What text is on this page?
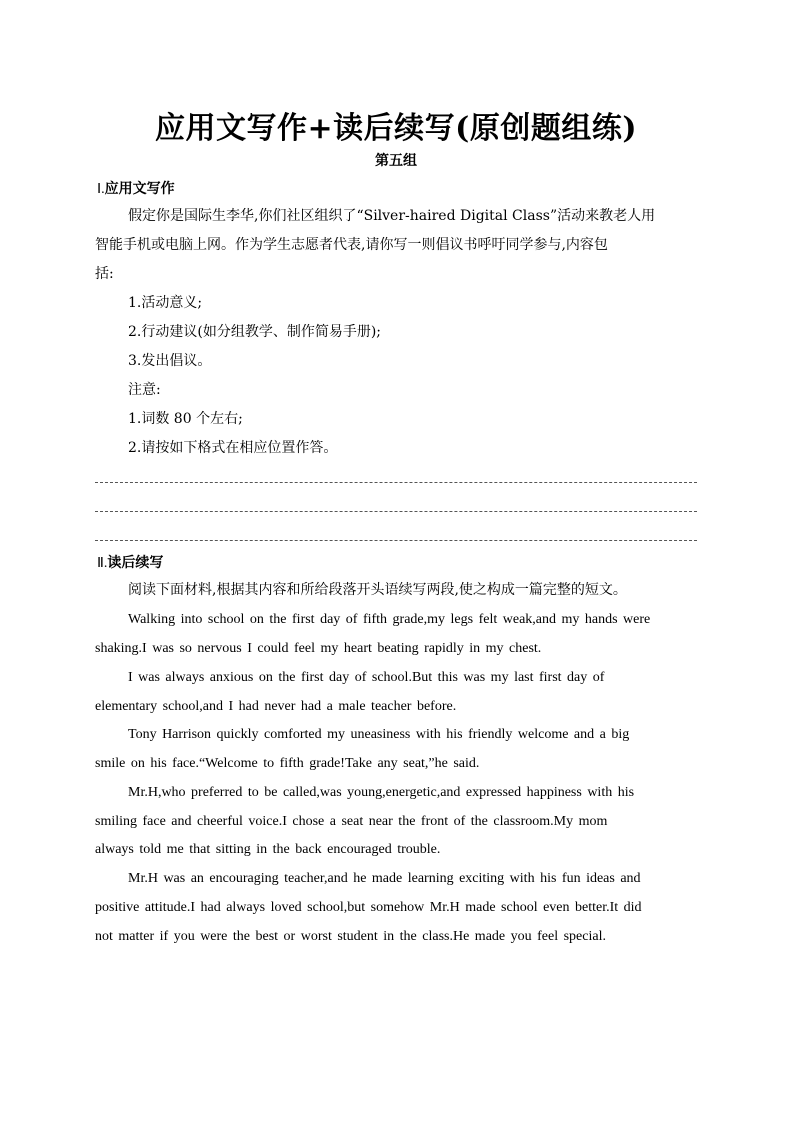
应用文写作+读后续写(原创题组练)
第五组
Ⅰ.应用文写作
假定你是国际生李华,你们社区组织了“Silver-haired Digital Class”活动来教老人用
智能手机或电脑上网。作为学生志愿者代表,请你写一则倡议书呼吁同学参与,内容包
括:
1.活动意义;
2.行动建议(如分组教学、制作简易手册);
3.发出倡议。
注意:
1.词数 80 个左右;
2.请按如下格式在相应位置作答。
Ⅱ.读后续写
阅读下面材料,根据其内容和所给段落开头语续写两段,使之构成一篇完整的短文。
Walking into school on the first day of fifth grade,my legs felt weak,and my hands were
shaking.I was so nervous I could feel my heart beating rapidly in my chest.
I was always anxious on the first day of school.But this was my last first day of
elementary school,and I had never had a male teacher before.
Tony Harrison quickly comforted my uneasiness with his friendly welcome and a big
smile on his face.“Welcome to fifth grade!Take any seat,”he said.
Mr.H,who preferred to be called,was young,energetic,and expressed happiness with his
smiling face and cheerful voice.I chose a seat near the front of the classroom.My mom
always told me that sitting in the back encouraged trouble.
Mr.H was an encouraging teacher,and he made learning exciting with his fun ideas and
positive attitude.I had always loved school,but somehow Mr.H made school even better.It did
not matter if you were the best or worst student in the class.He made you feel special.
